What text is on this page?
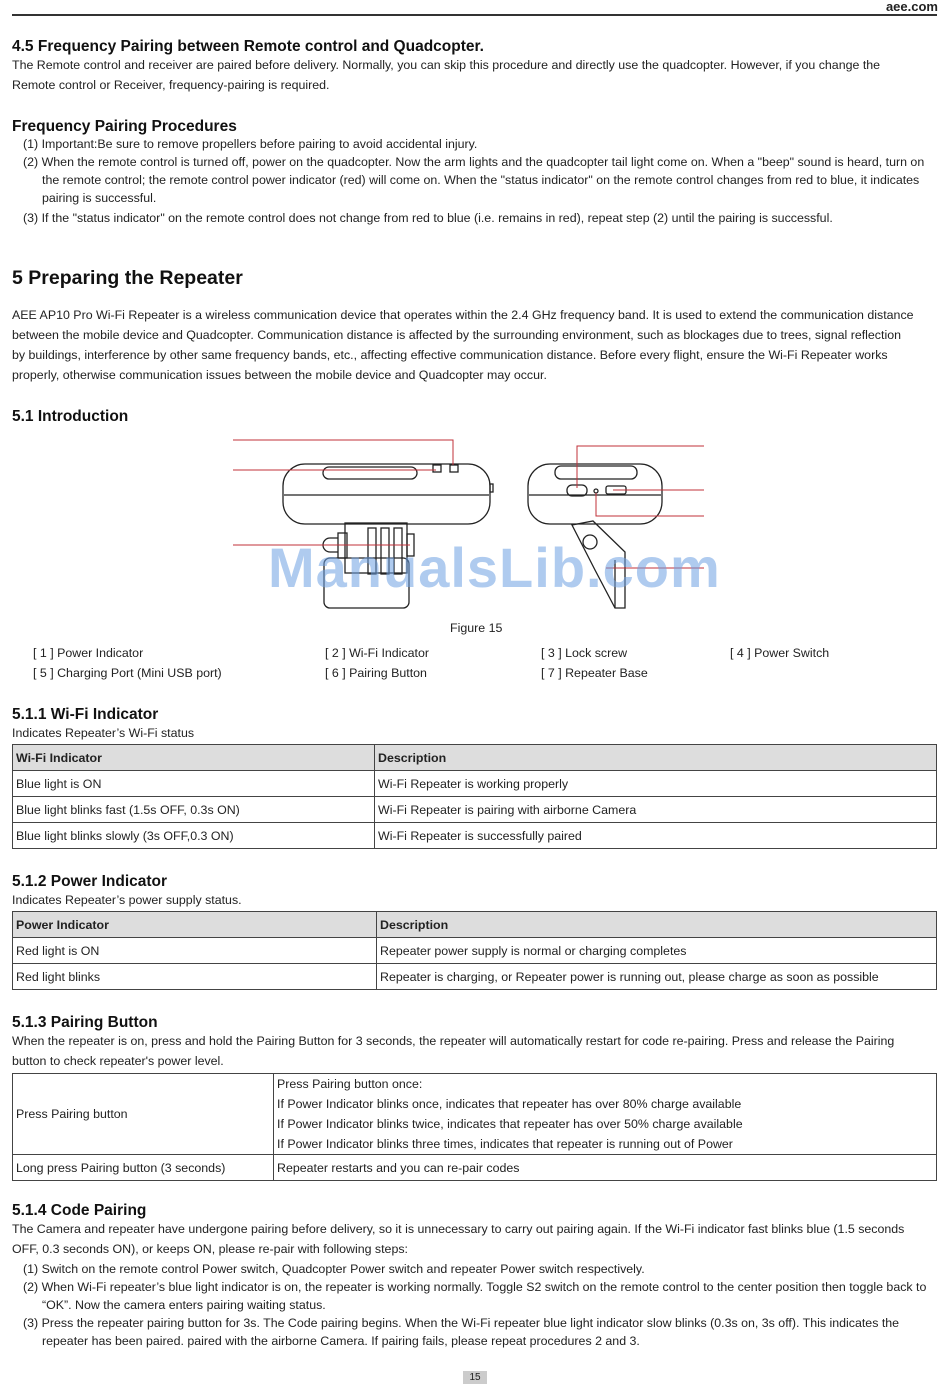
aee.com
4.5 Frequency Pairing between Remote control and Quadcopter.
The Remote control and receiver are paired before delivery. Normally, you can skip this procedure and directly use the quadcopter. However, if you change the
Remote control or Receiver, frequency-pairing is required.
Frequency Pairing Procedures
(1) Important:Be sure to remove propellers before pairing to avoid accidental injury.
(2) When the remote control is turned off, power on the quadcopter. Now the arm lights and the quadcopter tail light come on. When a "beep" sound is heard, turn on the remote control; the remote control power indicator (red) will come on. When the "status indicator" on the remote control changes from red to blue, it indicates pairing is successful.
(3) If the "status indicator" on the remote control does not change from red to blue (i.e. remains in red), repeat step (2) until the pairing is successful.
5 Preparing the Repeater
AEE AP10 Pro Wi-Fi Repeater is a wireless communication device that operates within the 2.4 GHz frequency band. It is used to extend the communication distance
between the mobile device and Quadcopter. Communication distance is affected by the surrounding environment, such as blockages due to trees, signal reflection
by buildings, interference by other same frequency bands, etc., affecting effective communication distance. Before every flight, ensure the Wi-Fi Repeater works
properly, otherwise communication issues between the mobile device and Quadcopter may occur.
5.1 Introduction
ManualsLib.com
Figure 15
[ 1 ] Power Indicator	[ 2 ] Wi-Fi Indicator	[ 3 ] Lock screw	[ 4 ] Power Switch
[ 5 ] Charging Port (Mini USB port)	[ 6 ] Pairing Button	[ 7 ] Repeater Base
5.1.1 Wi-Fi Indicator
Indicates Repeater’s Wi-Fi status
Wi-Fi Indicator	Description
Blue light is ON	Wi-Fi Repeater is working properly
Blue light blinks fast (1.5s OFF, 0.3s ON)	Wi-Fi Repeater is pairing with airborne Camera
Blue light blinks slowly (3s OFF,0.3 ON)	Wi-Fi Repeater is successfully paired
5.1.2 Power Indicator
Indicates Repeater’s power supply status.
Power Indicator	Description
Red light is ON	Repeater power supply is normal or charging completes
Red light blinks	Repeater is charging, or Repeater power is running out, please charge as soon as possible
5.1.3 Pairing Button
When the repeater is on, press and hold the Pairing Button for 3 seconds, the repeater will automatically restart for code re-pairing. Press and release the Pairing
button to check repeater's power level.
Press Pairing button	Press Pairing button once:
If Power Indicator blinks once, indicates that repeater has over 80% charge available
If Power Indicator blinks twice, indicates that repeater has over 50% charge available
If Power Indicator blinks three times, indicates that repeater is running out of Power

Long press Pairing button (3 seconds)	Repeater restarts and you can re-pair codes
5.1.4 Code Pairing
The Camera and repeater have undergone pairing before delivery, so it is unnecessary to carry out pairing again. If the Wi-Fi indicator fast blinks blue (1.5 seconds
OFF, 0.3 seconds ON), or keeps ON, please re-pair with following steps:
(1) Switch on the remote control Power switch, Quadcopter Power switch and repeater Power switch respectively.
(2) When Wi-Fi repeater’s blue light indicator is on, the repeater is working normally. Toggle S2 switch on the remote control to the center position then toggle back to “OK”. Now the camera enters pairing waiting status.
(3) Press the repeater pairing button for 3s. The Code pairing begins. When the Wi-Fi repeater blue light indicator slow blinks (0.3s on, 3s off). This indicates the repeater has been paired. paired with the airborne Camera. If pairing fails, please repeat procedures 2 and 3.
15
